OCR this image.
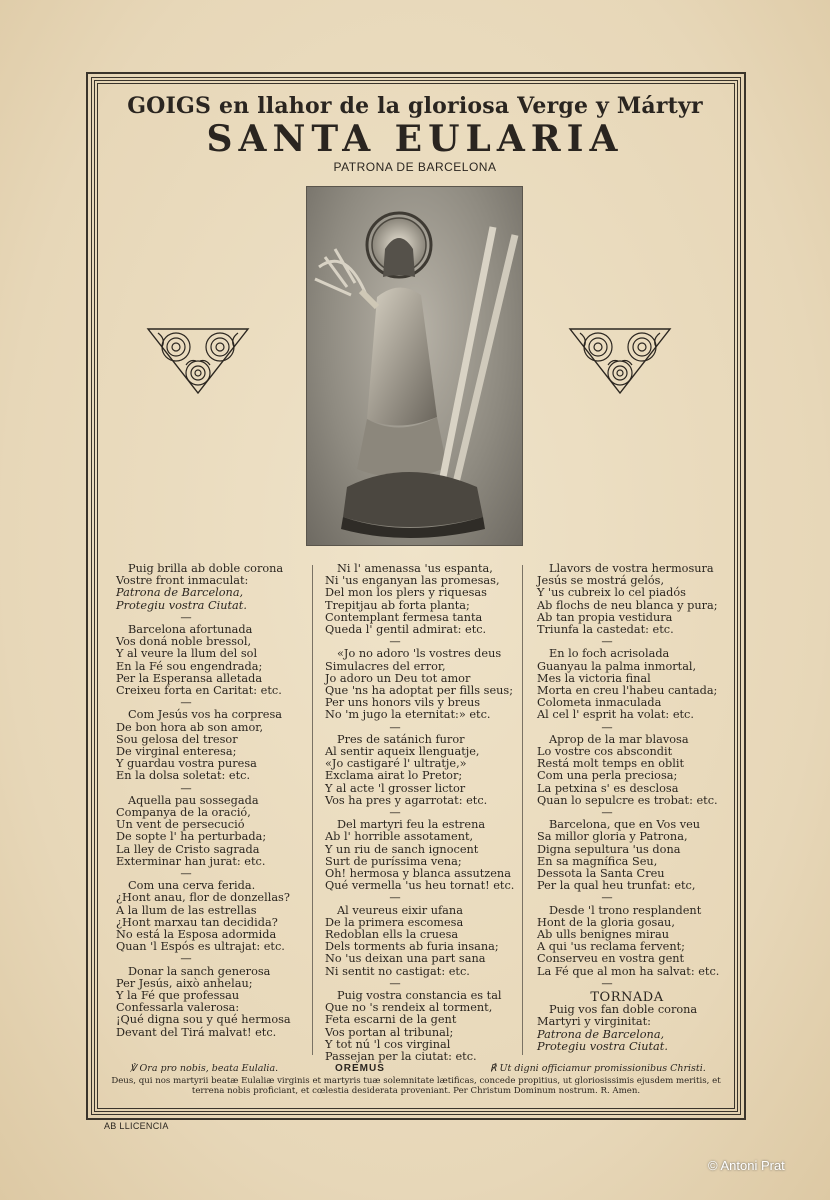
GOIGS en llahor de la gloriosa Verge y Mártyr
SANTA EULARIA
PATRONA DE BARCELONA
Puig brilla ab doble corona
Vostre front inmaculat:
Patrona de Barcelona,
Protegiu vostra Ciutat.
—
Barcelona afortunada
Vos doná noble bressol,
Y al veure la llum del sol
En la Fé sou engendrada;
Per la Esperansa alletada
Creixeu forta en Caritat: etc.
—
Com Jesús vos ha corpresa
De bon hora ab son amor,
Sou gelosa del tresor
De virginal enteresa;
Y guardau vostra puresa
En la dolsa soletat: etc.
—
Aquella pau sossegada
Companya de la oració,
Un vent de persecució
De sopte l' ha perturbada;
La lley de Cristo sagrada
Exterminar han jurat: etc.
—
Com una cerva ferida.
¿Hont anau, flor de donzellas?
A la llum de las estrellas
¿Hont marxau tan decidida?
No está la Esposa adormida
Quan 'l Espós es ultrajat: etc.
—
Donar la sanch generosa
Per Jesús, això anhelau;
Y la Fé que professau
Confessarla valerosa:
¡Qué digna sou y qué hermosa
Devant del Tirá malvat! etc.
Ni l' amenassa 'us espanta,
Ni 'us enganyan las promesas,
Del mon los plers y riquesas
Trepitjau ab forta planta;
Contemplant fermesa tanta
Queda l' gentil admirat: etc.
—
«Jo no adoro 'ls vostres deus
Simulacres del error,
Jo adoro un Deu tot amor
Que 'ns ha adoptat per fills seus;
Per uns honors vils y breus
No 'm jugo la eternitat:» etc.
—
Pres de satánich furor
Al sentir aqueix llenguatje,
«Jo castigaré l' ultratje,»
Exclama airat lo Pretor;
Y al acte 'l grosser lictor
Vos ha pres y agarrotat: etc.
—
Del martyri feu la estrena
Ab l' horrible assotament,
Y un riu de sanch ignocent
Surt de puríssima vena;
Oh! hermosa y blanca assutzena
Qué vermella 'us heu tornat! etc.
—
Al veureus eixir ufana
De la primera escomesa
Redoblan ells la cruesa
Dels torments ab furia insana;
No 'us deixan una part sana
Ni sentit no castigat: etc.
—
Puig vostra constancia es tal
Que no 's rendeix al torment,
Feta escarni de la gent
Vos portan al tribunal;
Y tot nú 'l cos virginal
Passejan per la ciutat: etc.
Llavors de vostra hermosura
Jesús se mostrá gelós,
Y 'us cubreix lo cel piadós
Ab flochs de neu blanca y pura;
Ab tan propia vestidura
Triunfa la castedat: etc.
—
En lo foch acrisolada
Guanyau la palma inmortal,
Mes la victoria final
Morta en creu l'habeu cantada;
Colometa inmaculada
Al cel l' esprit ha volat: etc.
—
Aprop de la mar blavosa
Lo vostre cos abscondit
Restá molt temps en oblit
Com una perla preciosa;
La petxina s' es desclosa
Quan lo sepulcre es trobat: etc.
—
Barcelona, que en Vos veu
Sa millor gloria y Patrona,
Digna sepultura 'us dona
En sa magnífica Seu,
Dessota la Santa Creu
Per la qual heu trunfat: etc,
—
Desde 'l trono resplandent
Hont de la gloria gosau,
Ab ulls benignes mirau
A qui 'us reclama fervent;
Conserveu en vostra gent
La Fé que al mon ha salvat: etc.
—
TORNADA
Puig vos fan doble corona
Martyri y virginitat:
Patrona de Barcelona,
Protegiu vostra Ciutat.
℣ Ora pro nobis, beata Eulalia.	OREMUS	℟ Ut digni officiamur promissionibus Christi.
Deus, qui nos martyrii beatæ Eulaliæ virginis et martyris tuæ solemnitate lætificas, concede propitius, ut gloriosissimis ejusdem meritis, et terrena nobis proficiant, et cœlestia desiderata proveniant. Per Christum Dominum nostrum. R. Amen.
AB LLICENCIA
© Antoni Prat
